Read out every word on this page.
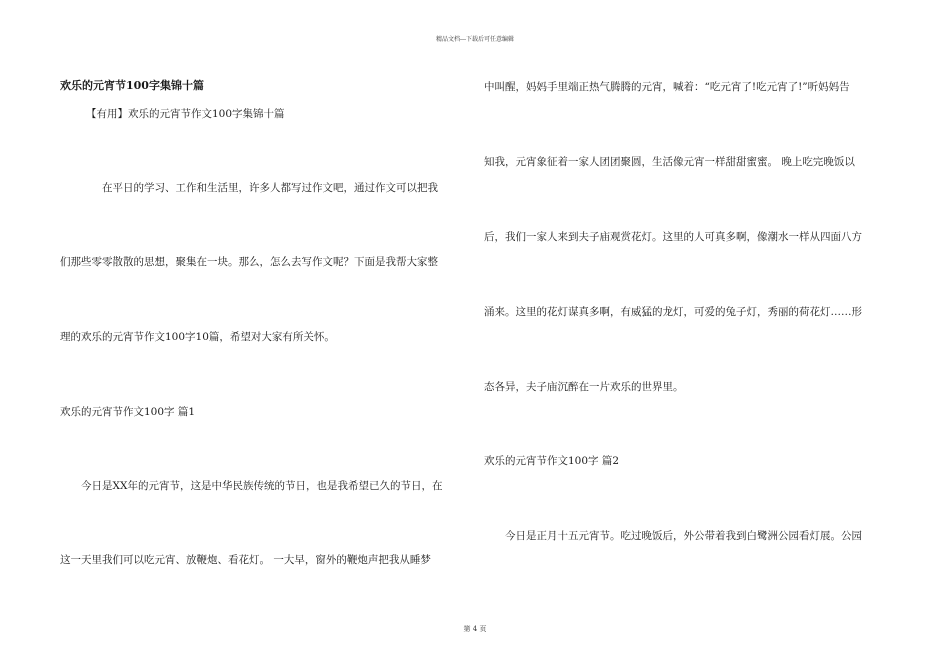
精品文档---下载后可任意编辑
欢乐的元宵节100字集锦十篇
【有用】欢乐的元宵节作文100字集锦十篇
在平日的学习、工作和生活里，许多人都写过作文吧，通过作文可以把我
们那些零零散散的思想，聚集在一块。那么，怎么去写作文呢？下面是我帮大家整
理的欢乐的元宵节作文100字10篇，希望对大家有所关怀。
欢乐的元宵节作文100字 篇1
今日是XX年的元宵节，这是中华民族传统的节日，也是我希望已久的节日，在
这一天里我们可以吃元宵、放鞭炮、看花灯。 一大早，窗外的鞭炮声把我从睡梦
中叫醒，妈妈手里端正热气腾腾的元宵，喊着：“吃元宵了!吃元宵了!”听妈妈告
知我，元宵象征着一家人团团聚圆，生活像元宵一样甜甜蜜蜜。 晚上吃完晚饭以
后，我们一家人来到夫子庙观赏花灯。这里的人可真多啊，像潮水一样从四面八方
涌来。这里的花灯谋真多啊，有威猛的龙灯，可爱的兔子灯，秀丽的荷花灯……形
态各异，夫子庙沉醉在一片欢乐的世界里。
欢乐的元宵节作文100字 篇2
今日是正月十五元宵节。吃过晚饭后，外公带着我到白鹭洲公园看灯展。公园
第 4 页
